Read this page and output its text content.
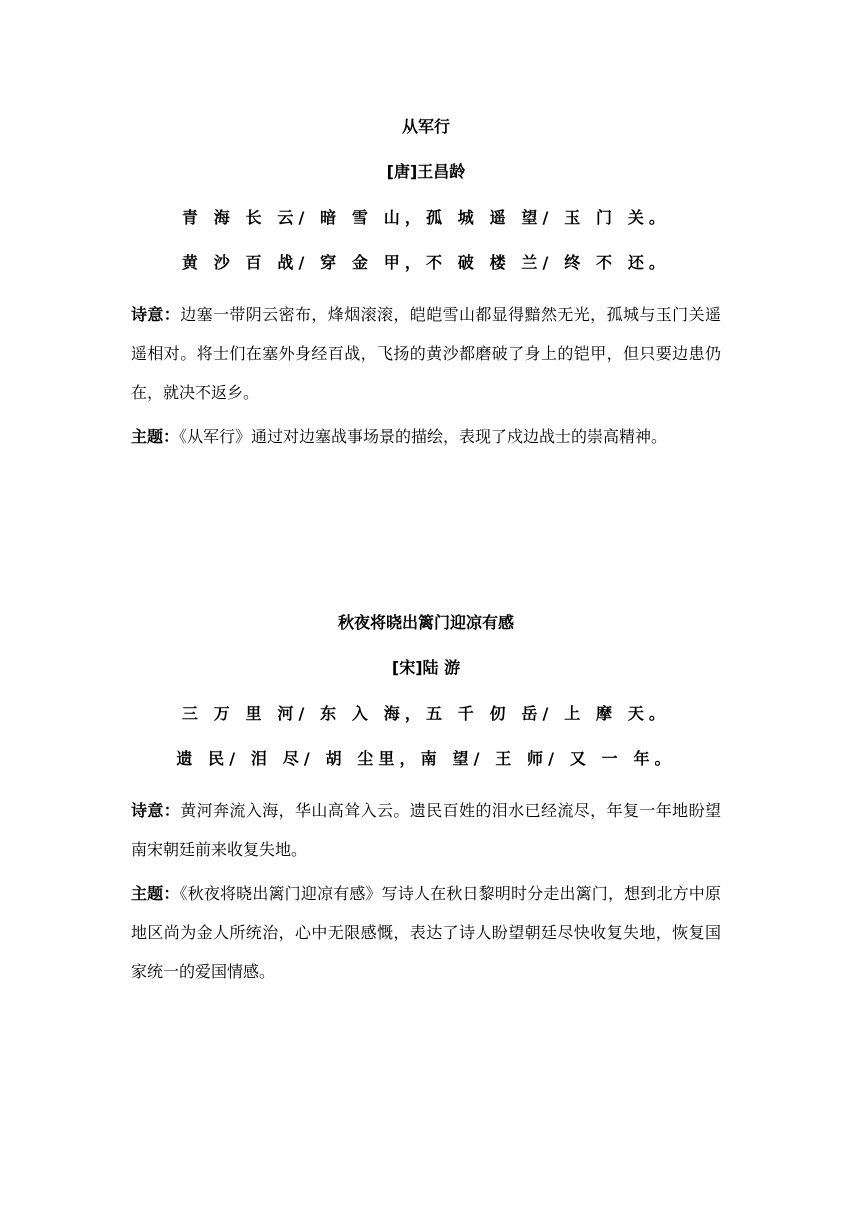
从军行
[唐]王昌龄
青 海 长 云/ 暗 雪 山，孤 城 遥 望/ 玉 门 关。
黄 沙 百 战/ 穿 金 甲，不 破 楼 兰/ 终 不 还。

诗意：边塞一带阴云密布，烽烟滚滚，皑皑雪山都显得黯然无光，孤城与玉门关遥遥相对。将士们在塞外身经百战，飞扬的黄沙都磨破了身上的铠甲，但只要边患仍在，就决不返乡。

主题：《从军行》通过对边塞战事场景的描绘，表现了戍边战士的崇高精神。

秋夜将晓出篱门迎凉有感
[宋]陆 游
三 万 里 河/ 东 入 海，五 千 仞 岳/ 上 摩 天。
遗 民/ 泪 尽/ 胡 尘里，南 望/ 王 师/ 又 一 年。

诗意：黄河奔流入海，华山高耸入云。遗民百姓的泪水已经流尽，年复一年地盼望南宋朝廷前来收复失地。

主题：《秋夜将晓出篱门迎凉有感》写诗人在秋日黎明时分走出篱门，想到北方中原地区尚为金人所统治，心中无限感慨，表达了诗人盼望朝廷尽快收复失地，恢复国家统一的爱国情感。
